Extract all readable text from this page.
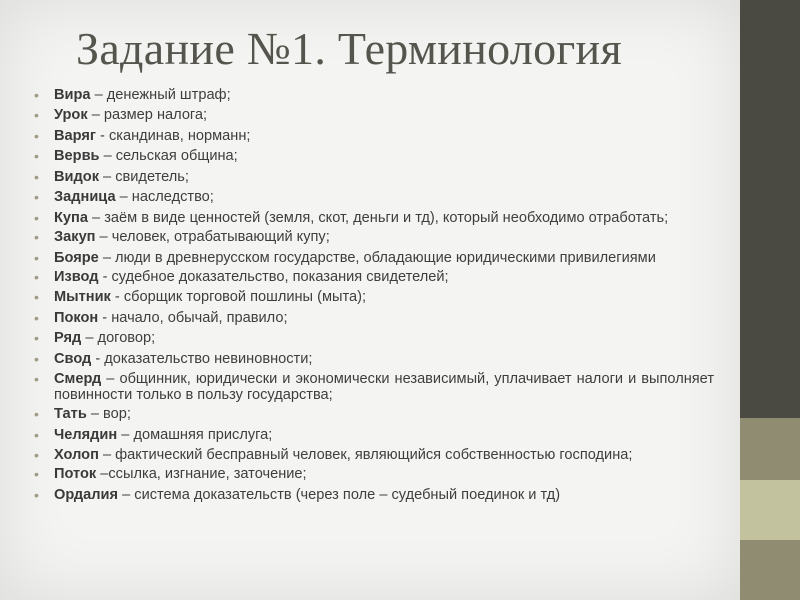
Задание №1. Терминология
• Вира – денежный штраф;
• Урок – размер налога;
• Варяг - скандинав, норманн;
• Вервь – сельская община;
• Видок – свидетель;
• Задница – наследство;
• Купа – заём в виде ценностей (земля, скот, деньги и тд), который необходимо отработать;
• Закуп – человек, отрабатывающий купу;
• Бояре – люди в древнерусском государстве, обладающие юридическими привилегиями
• Извод - судебное доказательство, показания свидетелей;
• Мытник - сборщик торговой пошлины (мыта);
• Покон - начало, обычай, правило;
• Ряд – договор;
• Свод - доказательство невиновности;
• Смерд – общинник, юридически и экономически независимый, уплачивает налоги и выполняет повинности только в пользу государства;
• Тать – вор;
• Челядин – домашняя прислуга;
• Холоп – фактический бесправный человек, являющийся собственностью господина;
• Поток –ссылка, изгнание, заточение;
• Ордалия – система доказательств (через поле – судебный поединок и тд)
